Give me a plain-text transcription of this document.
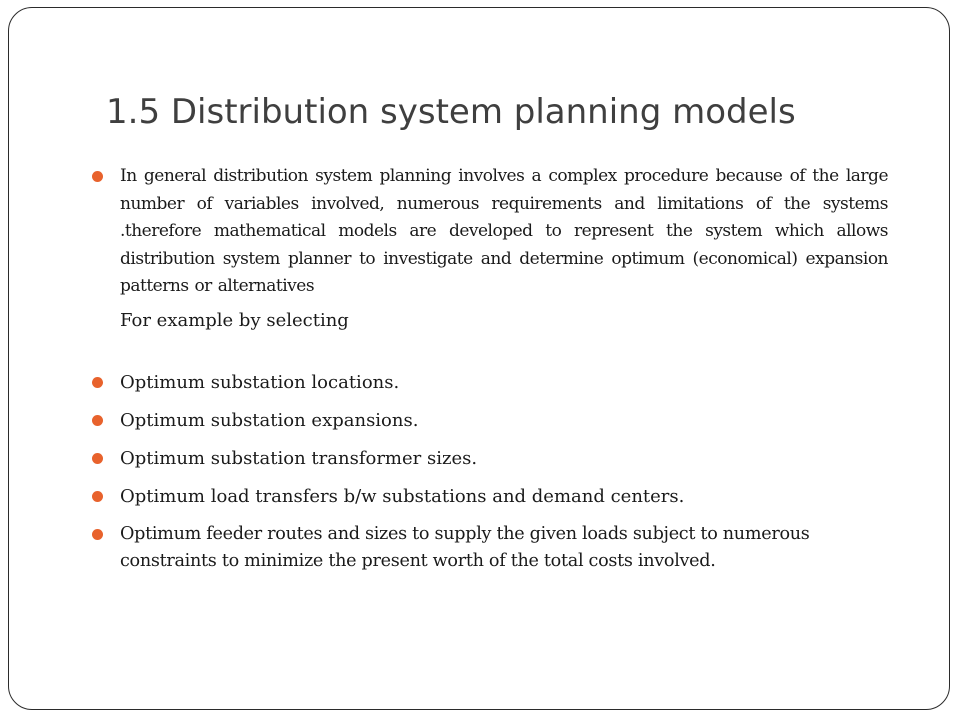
1.5 Distribution system planning models
In general distribution system planning involves a complex procedure because of the large number of variables involved, numerous requirements and limitations of the systems .therefore mathematical models are developed to represent the system which allows distribution system planner to investigate and determine optimum (economical) expansion patterns or alternatives
For example by selecting
Optimum substation locations.
Optimum substation expansions.
Optimum substation transformer sizes.
Optimum load transfers b/w substations and demand centers.
Optimum feeder routes and sizes to supply the given loads subject to numerous constraints to minimize the present worth of the total costs involved.
